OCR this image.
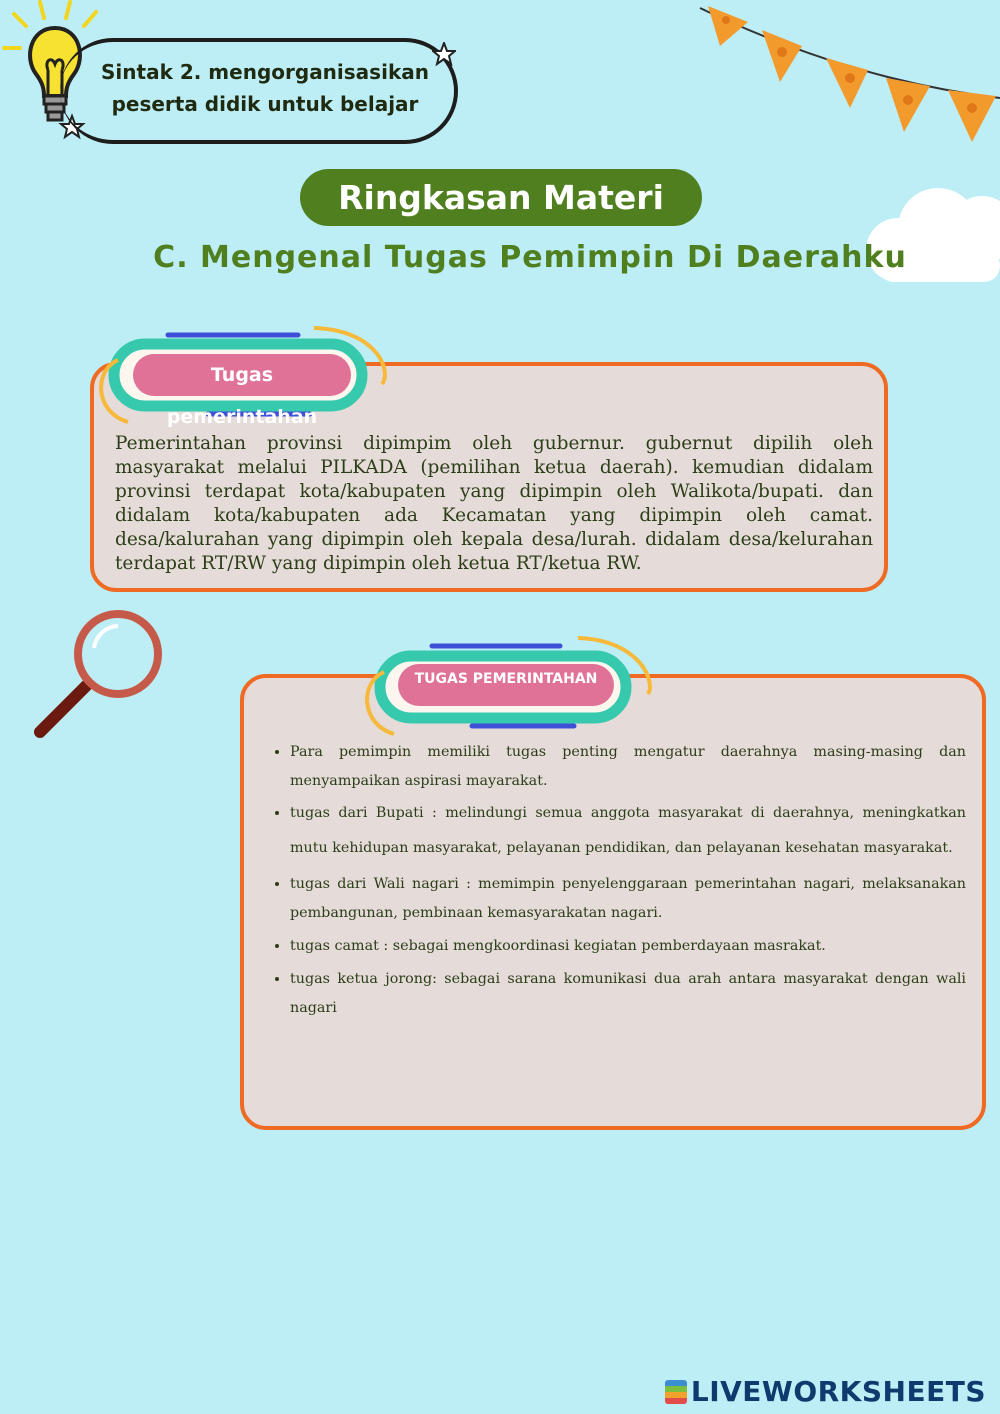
Sintak 2. mengorganisasikan
peserta didik untuk belajar
Ringkasan Materi
C. Mengenal Tugas Pemimpin Di Daerahku
Tugas pemerintahan
Pemerintahan provinsi dipimpim oleh gubernur. gubernut dipilih oleh masyarakat melalui PILKADA (pemilihan ketua daerah). kemudian didalam provinsi terdapat kota/kabupaten yang dipimpin oleh Walikota/bupati. dan didalam kota/kabupaten ada Kecamatan yang dipimpin oleh camat. desa/kalurahan yang dipimpin oleh kepala desa/lurah. didalam desa/kelurahan terdapat RT/RW yang dipimpin oleh ketua RT/ketua RW.
TUGAS PEMERINTAHAN
• Para pemimpin memiliki tugas penting mengatur daerahnya masing-masing dan menyampaikan aspirasi mayarakat.
• tugas dari Bupati : melindungi semua anggota masyarakat di daerahnya, meningkatkan mutu kehidupan masyarakat, pelayanan pendidikan, dan pelayanan kesehatan masyarakat.
• tugas dari Wali nagari : memimpin penyelenggaraan pemerintahan nagari, melaksanakan pembangunan, pembinaan kemasyarakatan nagari.
• tugas camat : sebagai mengkoordinasi kegiatan pemberdayaan masrakat.
• tugas ketua jorong: sebagai sarana komunikasi dua arah antara masyarakat dengan wali nagari
LIVEWORKSHEETS
